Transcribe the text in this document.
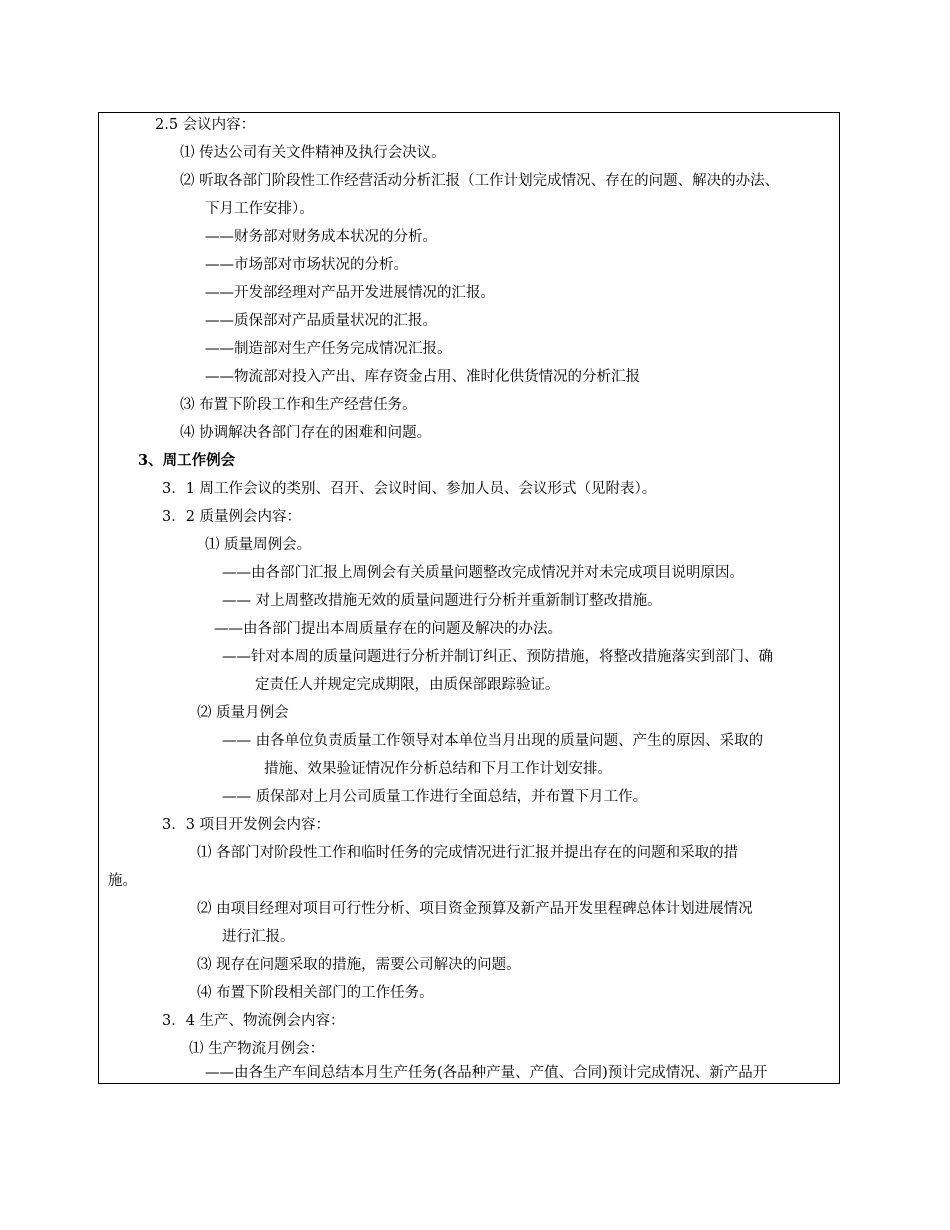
2.5 会议内容：
⑴ 传达公司有关文件精神及执行会决议。
⑵ 听取各部门阶段性工作经营活动分析汇报（工作计划完成情况、存在的问题、解决的办法、
下月工作安排）。
——财务部对财务成本状况的分析。
——市场部对市场状况的分析。
——开发部经理对产品开发进展情况的汇报。
——质保部对产品质量状况的汇报。
——制造部对生产任务完成情况汇报。
——物流部对投入产出、库存资金占用、准时化供货情况的分析汇报
⑶ 布置下阶段工作和生产经营任务。
⑷ 协调解决各部门存在的困难和问题。
3、周工作例会
3．1 周工作会议的类别、召开、会议时间、参加人员、会议形式（见附表）。
3．2 质量例会内容：
⑴ 质量周例会。
——由各部门汇报上周例会有关质量问题整改完成情况并对未完成项目说明原因。
—— 对上周整改措施无效的质量问题进行分析并重新制订整改措施。
——由各部门提出本周质量存在的问题及解决的办法。
——针对本周的质量问题进行分析并制订纠正、预防措施，将整改措施落实到部门、确
定责任人并规定完成期限，由质保部跟踪验证。
⑵ 质量月例会
—— 由各单位负责质量工作领导对本单位当月出现的质量问题、产生的原因、采取的
措施、效果验证情况作分析总结和下月工作计划安排。
—— 质保部对上月公司质量工作进行全面总结，并布置下月工作。
3．3 项目开发例会内容：
⑴ 各部门对阶段性工作和临时任务的完成情况进行汇报并提出存在的问题和采取的措
施。
⑵ 由项目经理对项目可行性分析、项目资金预算及新产品开发里程碑总体计划进展情况
进行汇报。
⑶ 现存在问题采取的措施，需要公司解决的问题。
⑷ 布置下阶段相关部门的工作任务。
3．4 生产、物流例会内容：
⑴ 生产物流月例会：
——由各生产车间总结本月生产任务(各品种产量、产值、合同)预计完成情况、新产品开
